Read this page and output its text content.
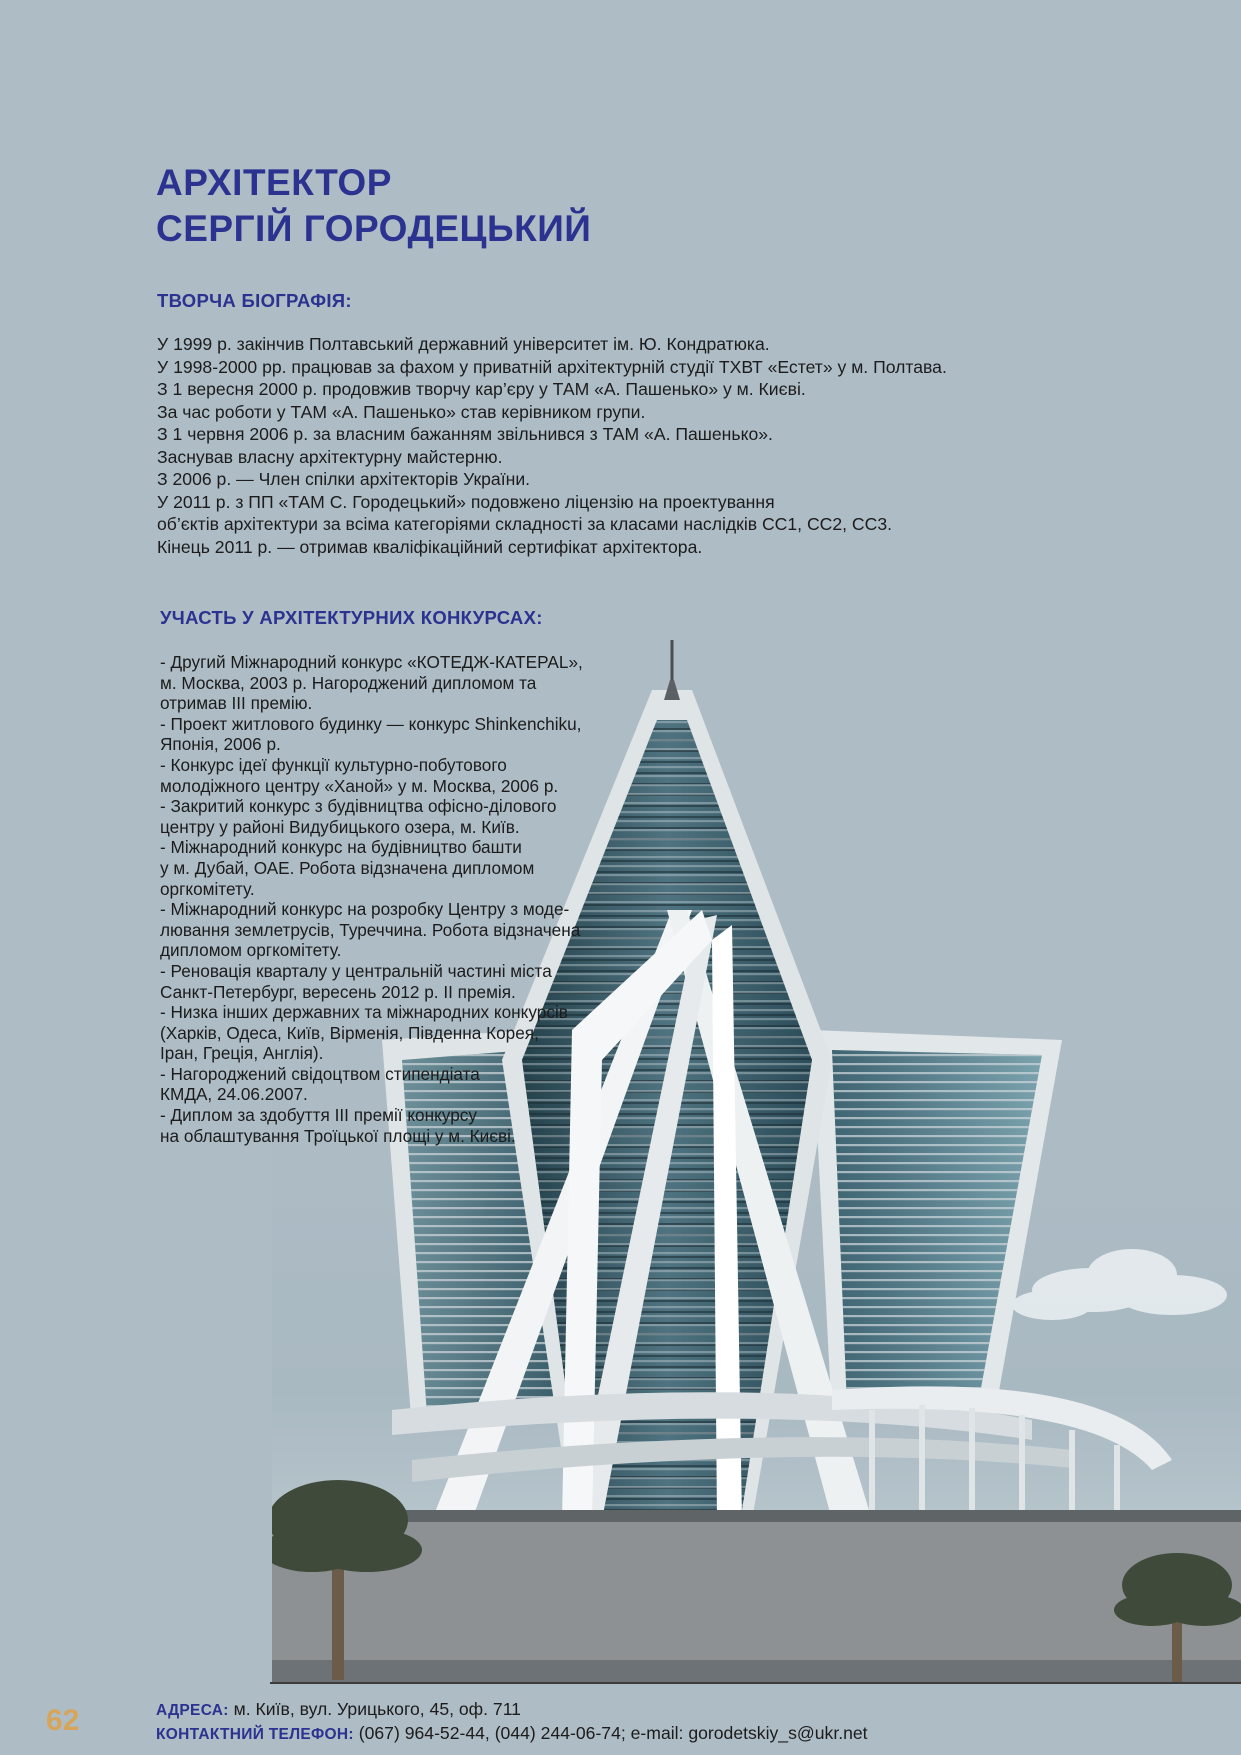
АРХІТЕКТОР
СЕРГІЙ ГОРОДЕЦЬКИЙ
ТВОРЧА БІОГРАФІЯ:
У 1999 р. закінчив Полтавський державний університет ім. Ю. Кондратюка.
У 1998-2000 рр. працював за фахом у приватній архітектурній студії ТХВТ «Естет» у м. Полтава.
З 1 вересня 2000 р. продовжив творчу кар’єру у ТАМ «А. Пашенько» у м. Києві.
За час роботи у ТАМ «А. Пашенько» став керівником групи.
З 1 червня 2006 р. за власним бажанням звільнився з ТАМ «А. Пашенько».
Заснував власну архітектурну майстерню.
З 2006 р. — Член спілки архітекторів України.
У 2011 р. з ПП «ТАМ С. Городецький» подовжено ліцензію на проектування
об’єктів архітектури за всіма категоріями складності за класами наслідків СС1, СС2, СС3.
Кінець 2011 р. — отримав кваліфікаційний сертифікат архітектора.
УЧАСТЬ У АРХІТЕКТУРНИХ КОНКУРСАХ:
- Другий Міжнародний конкурс «КОТЕДЖ-КАТЕРАL»,
м. Москва, 2003 р. Нагороджений дипломом та
отримав ІІІ премію.
- Проект житлового будинку — конкурс Shinkenchiku,
Японія, 2006 р.
- Конкурс ідеї функції культурно-побутового
молодіжного центру «Ханой» у м. Москва, 2006 р.
- Закритий конкурс з будівництва офісно-ділового
центру у районі Видубицького озера, м. Київ.
- Міжнародний конкурс на будівництво башти
у м. Дубай, ОАЕ. Робота відзначена дипломом
оргкомітету.
- Міжнародний конкурс на розробку Центру з моде-
лювання землетрусів, Туреччина. Робота відзначена
дипломом оргкомітету.
- Реновація кварталу у центральній частині міста
Санкт-Петербург, вересень 2012 р. ІІ премія.
- Низка інших державних та міжнародних конкурсів
(Харків, Одеса, Київ, Вірменія, Південна Корея,
Іран, Греція, Англія).
- Нагороджений свідоцтвом стипендіата
КМДА, 24.06.2007.
- Диплом за здобуття ІІІ премії конкурсу
на облаштування Троїцької площі у м. Києві.
62	АДРЕСА: м. Київ, вул. Урицького, 45, оф. 711
КОНТАКТНИЙ ТЕЛЕФОН: (067) 964-52-44, (044) 244-06-74; e-mail: gorodetskiy_s@ukr.net
